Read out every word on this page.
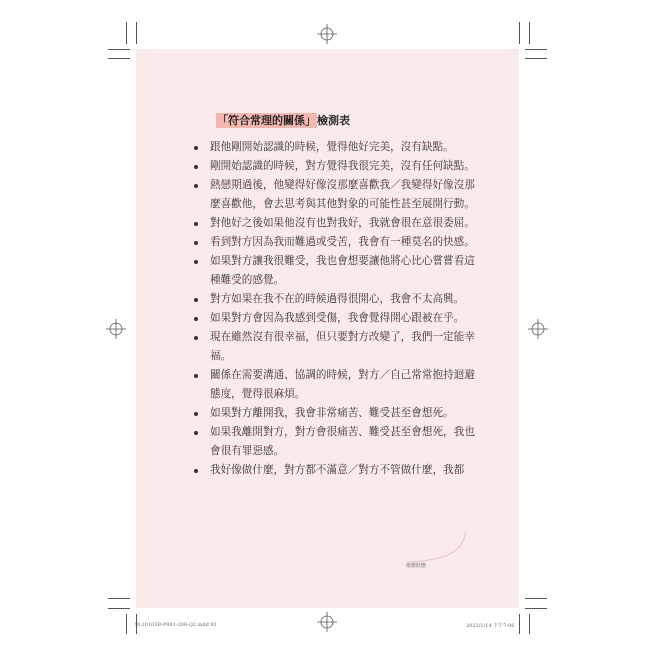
「符合常理的關係」檢測表
跟他剛開始認識的時候，覺得他好完美，沒有缺點。
剛開始認識的時候，對方覺得我很完美，沒有任何缺點。
熱戀期過後，他變得好像沒那麼喜歡我／我變得好像沒那麼喜歡他，會去思考與其他對象的可能性甚至展開行動。
對他好之後如果他沒有也對我好，我就會很在意很委屈。
看到對方因為我而難過或受苦，我會有一種莫名的快感。
如果對方讓我很難受，我也會想要讓他將心比心嘗嘗看這種難受的感覺。
對方如果在我不在的時候過得很開心，我會不太高興。
如果對方會因為我感到受傷，我會覺得開心跟被在乎。
現在雖然沒有很幸福，但只要對方改變了，我們一定能幸福。
關係在需要溝通、協調的時候，對方／自己常常抱持迴避態度，覺得很麻煩。
如果對方離開我，我會非常痛苦、難受甚至會想死。
如果我離開對方，對方會很痛苦、難受甚至會想死，我也會很有罪惡感。
我好像做什麼，對方都不滿意／對方不管做什麼，我都
依戀狀態
9L10103B-P001-208-Q2.indd 92	2022/1/14 下午7:06
